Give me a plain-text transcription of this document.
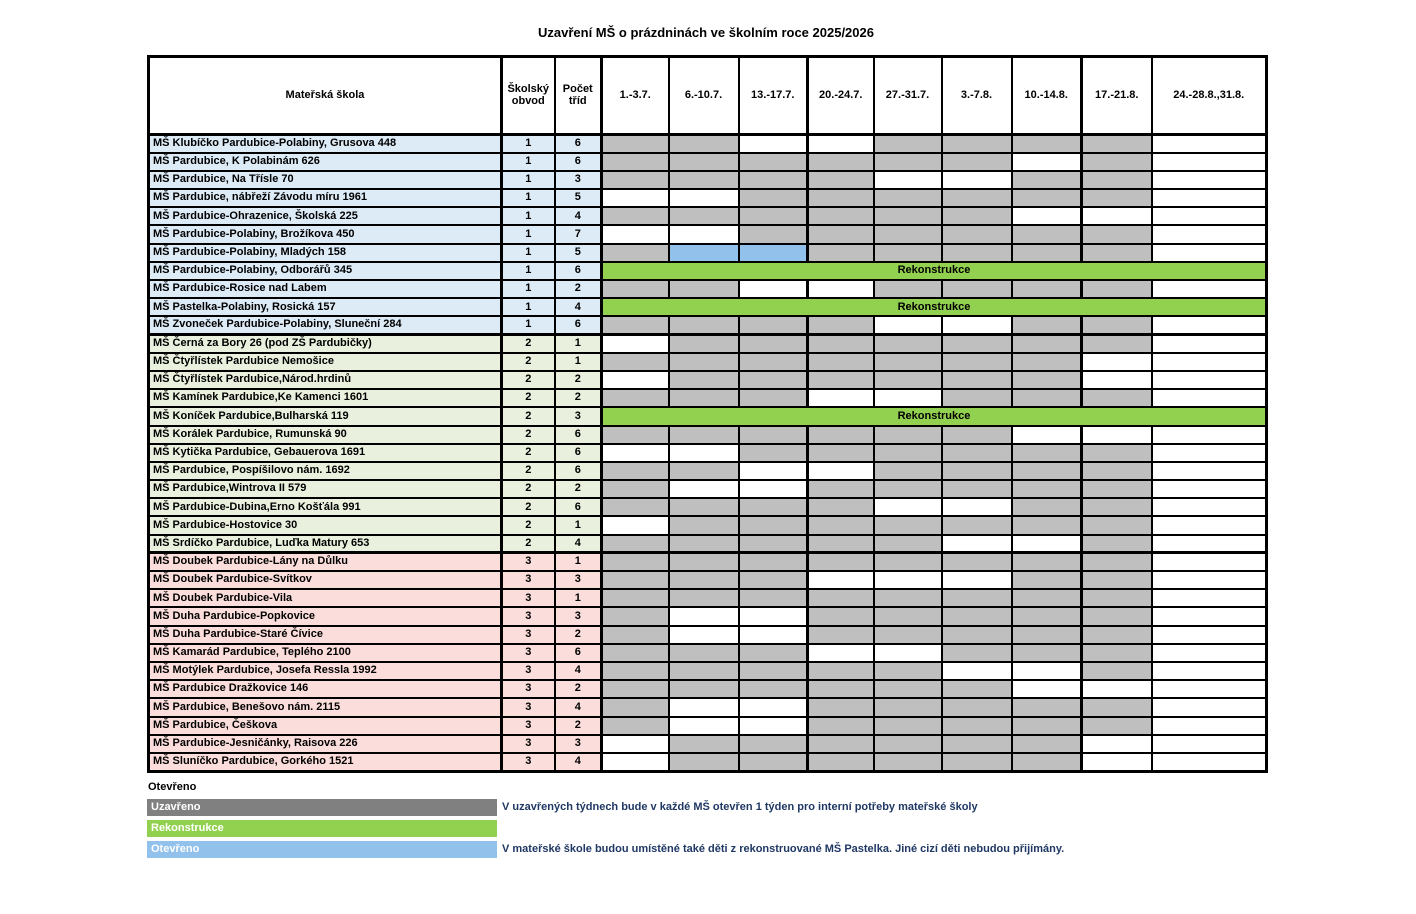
Uzavření MŠ o prázdninách ve školním roce 2025/2026
Mateřská škola	Školský obvod	Počet tříd	1.-3.7.	6.-10.7.	13.-17.7.	20.-24.7.	27.-31.7.	3.-7.8.	10.-14.8.	17.-21.8.	24.-28.8.,31.8.
MŠ Klubíčko Pardubice-Polabiny, Grusova 448	1	6									
MŠ Pardubice, K Polabinám 626	1	6									
MŠ Pardubice, Na Třísle 70	1	3									
MŠ Pardubice, nábřeží Závodu míru 1961	1	5									
MŠ Pardubice-Ohrazenice, Školská 225	1	4									
MŠ Pardubice-Polabiny, Brožíkova 450	1	7									
MŠ Pardubice-Polabiny, Mladých 158	1	5									
MŠ Pardubice-Polabiny, Odborářů 345	1	6	Rekonstrukce								
MŠ Pardubice-Rosice nad Labem	1	2									
MŠ Pastelka-Polabiny, Rosická 157	1	4	Rekonstrukce								
MŠ Zvoneček Pardubice-Polabiny, Sluneční 284	1	6									
MŠ Černá za Bory 26 (pod ZŠ Pardubičky)	2	1									
MŠ Čtyřlístek Pardubice Nemošice	2	1									
MŠ Čtyřlístek Pardubice,Národ.hrdinů	2	2									
MŠ Kamínek Pardubice,Ke Kamenci 1601	2	2									
MŠ Koníček Pardubice,Bulharská 119	2	3	Rekonstrukce								
MŠ Korálek Pardubice, Rumunská 90	2	6									
MŠ Kytička Pardubice, Gebauerova 1691	2	6									
MŠ Pardubice, Pospíšilovo nám. 1692	2	6									
MŠ Pardubice,Wintrova II 579	2	2									
MŠ Pardubice-Dubina,Erno Košťála 991	2	6									
MŠ Pardubice-Hostovice 30	2	1									
MŠ Srdíčko Pardubice, Luďka Matury 653	2	4									
MŠ Doubek Pardubice-Lány na Důlku	3	1									
MŠ Doubek Pardubice-Svítkov	3	3									
MŠ Doubek Pardubice-Vila	3	1									
MŠ Duha Pardubice-Popkovice	3	3									
MŠ Duha Pardubice-Staré Čívice	3	2									
MŠ Kamarád Pardubice, Teplého 2100	3	6									
MŠ Motýlek Pardubice, Josefa Ressla 1992	3	4									
MŠ Pardubice Dražkovice 146	3	2									
MŠ Pardubice, Benešovo nám. 2115	3	4									
MŠ Pardubice, Češkova	3	2									
MŠ Pardubice-Jesničánky, Raisova 226	3	3									
MŠ Sluníčko Pardubice, Gorkého 1521	3	4									
Otevřeno
Uzavřeno
Rekonstrukce
Otevřeno
V uzavřených týdnech bude v každé MŠ otevřen 1 týden pro interní potřeby mateřské školy
V mateřské škole budou umístěné také děti z rekonstruované MŠ Pastelka. Jiné cizí děti nebudou přijímány.
